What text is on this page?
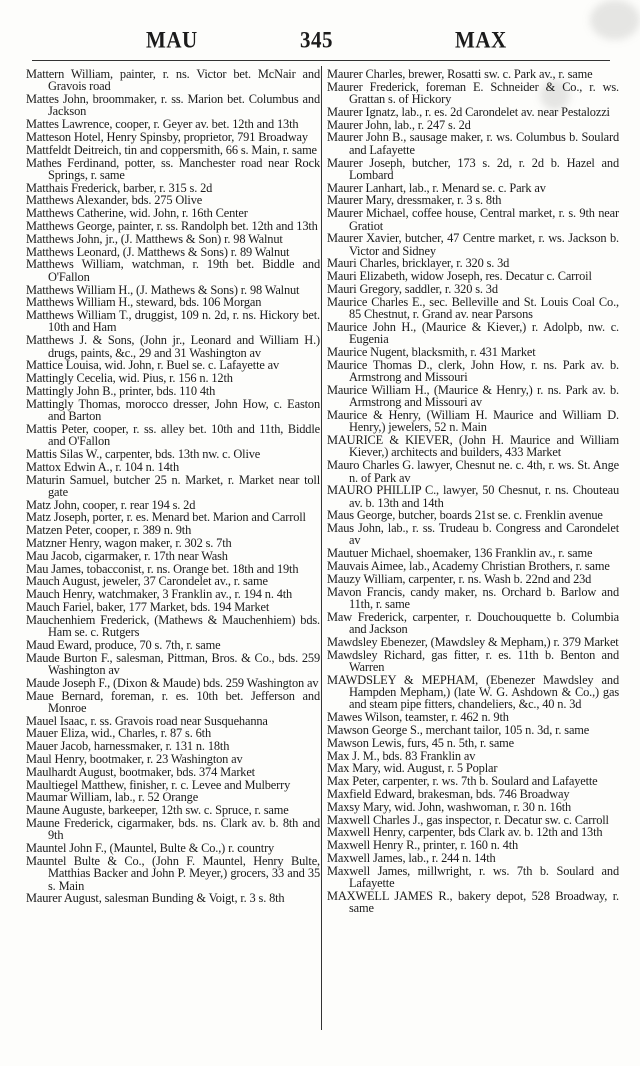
MAU	345	MAX

Mattern William, painter, r. ns. Victor bet. McNair and Gravois road

Mattes John, broommaker, r. ss. Marion bet. Columbus and Jackson

Mattes Lawrence, cooper, r. Geyer av. bet. 12th and 13th

Matteson Hotel, Henry Spinsby, proprietor, 791 Broadway

Mattfeldt Deitreich, tin and coppersmith, 66 s. Main, r. same

Mathes Ferdinand, potter, ss. Manchester road near Rock Springs, r. same

Matthais Frederick, barber, r. 315 s. 2d

Matthews Alexander, bds. 275 Olive

Matthews Catherine, wid. John, r. 16th Center

Matthews George, painter, r. ss. Randolph bet. 12th and 13th

Matthews John, jr., (J. Matthews & Son) r. 98 Walnut

Matthews Leonard, (J. Matthews & Sons) r. 89 Walnut

Matthews William, watchman, r. 19th bet. Biddle and O'Fallon

Matthews William H., (J. Mathews & Sons) r. 98 Walnut

Matthews William H., steward, bds. 106 Morgan

Matthews William T., druggist, 109 n. 2d, r. ns. Hickory bet. 10th and Ham

Matthews J. & Sons, (John jr., Leonard and William H.) drugs, paints, &c., 29 and 31 Washington av

Mattice Louisa, wid. John, r. Buel se. c. Lafayette av

Mattingly Cecelia, wid. Pius, r. 156 n. 12th

Mattingly John B., printer, bds. 110 4th

Mattingly Thomas, morocco dresser, John How, c. Easton and Barton

Mattis Peter, cooper, r. ss. alley bet. 10th and 11th, Biddle and O'Fallon

Mattis Silas W., carpenter, bds. 13th nw. c. Olive

Mattox Edwin A., r. 104 n. 14th

Maturin Samuel, butcher 25 n. Market, r. Market near toll gate

Matz John, cooper, r. rear 194 s. 2d

Matz Joseph, porter, r. es. Menard bet. Marion and Carroll

Matzen Peter, cooper, r. 389 n. 9th

Matzner Henry, wagon maker, r. 302 s. 7th

Mau Jacob, cigarmaker, r. 17th near Wash

Mau James, tobacconist, r. ns. Orange bet. 18th and 19th

Mauch August, jeweler, 37 Carondelet av., r. same

Mauch Henry, watchmaker, 3 Franklin av., r. 194 n. 4th

Mauch Fariel, baker, 177 Market, bds. 194 Market

Mauchenhiem Frederick, (Mathews & Mauchenhiem) bds. Ham se. c. Rutgers

Maud Eward, produce, 70 s. 7th, r. same

Maude Burton F., salesman, Pittman, Bros. & Co., bds. 259 Washington av

Maude Joseph F., (Dixon & Maude) bds. 259 Washington av

Maue Bernard, foreman, r. es. 10th bet. Jefferson and Monroe

Mauel Isaac, r. ss. Gravois road near Susquehanna

Mauer Eliza, wid., Charles, r. 87 s. 6th

Mauer Jacob, harnessmaker, r. 131 n. 18th

Maul Henry, bootmaker, r. 23 Washington av

Maulhardt August, bootmaker, bds. 374 Market

Maultiegel Matthew, finisher, r. c. Levee and Mulberry

Maumar William, lab., r. 52 Orange

Maune Auguste, barkeeper, 12th sw. c. Spruce, r. same

Maune Frederick, cigarmaker, bds. ns. Clark av. b. 8th and 9th

Mauntel John F., (Mauntel, Bulte & Co.,) r. country

Mauntel Bulte & Co., (John F. Mauntel, Henry Bulte, Matthias Backer and John P. Meyer,) grocers, 33 and 35 s. Main

Maurer August, salesman Bunding & Voigt, r. 3 s. 8th

Maurer Charles, brewer, Rosatti sw. c. Park av., r. same

Maurer Frederick, foreman E. Schneider & Co., r. ws. Grattan s. of Hickory

Maurer Ignatz, lab., r. es. 2d Carondelet av. near Pestalozzi

Maurer John, lab., r. 247 s. 2d

Maurer John B., sausage maker, r. ws. Columbus b. Soulard and Lafayette

Maurer Joseph, butcher, 173 s. 2d, r. 2d b. Hazel and Lombard

Maurer Lanhart, lab., r. Menard se. c. Park av

Maurer Mary, dressmaker, r. 3 s. 8th

Maurer Michael, coffee house, Central market, r. s. 9th near Gratiot

Maurer Xavier, butcher, 47 Centre market, r. ws. Jackson b. Victor and Sidney

Mauri Charles, bricklayer, r. 320 s. 3d

Mauri Elizabeth, widow Joseph, res. Decatur c. Carroil

Mauri Gregory, saddler, r. 320 s. 3d

Maurice Charles E., sec. Belleville and St. Louis Coal Co., 85 Chestnut, r. Grand av. near Parsons

Maurice John H., (Maurice & Kiever,) r. Adolpb, nw. c. Eugenia

Maurice Nugent, blacksmith, r. 431 Market

Maurice Thomas D., clerk, John How, r. ns. Park av. b. Armstrong and Missouri

Maurice William H., (Maurice & Henry,) r. ns. Park av. b. Armstrong and Missouri av

Maurice & Henry, (William H. Maurice and William D. Henry,) jewelers, 52 n. Main

MAURICE & KIEVER, (John H. Maurice and William Kiever,) architects and builders, 433 Market

Mauro Charles G. lawyer, Chesnut ne. c. 4th, r. ws. St. Ange n. of Park av

MAURO PHILLIP C., lawyer, 50 Chesnut, r. ns. Chouteau av. b. 13th and 14th

Maus George, butcher, boards 21st se. c. Frenklin avenue

Maus John, lab., r. ss. Trudeau b. Congress and Carondelet av

Mautuer Michael, shoemaker, 136 Franklin av., r. same

Mauvais Aimee, lab., Academy Christian Brothers, r. same

Mauzy William, carpenter, r. ns. Wash b. 22nd and 23d

Mavon Francis, candy maker, ns. Orchard b. Barlow and 11th, r. same

Maw Frederick, carpenter, r. Douchouquette b. Columbia and Jackson

Mawdsley Ebenezer, (Mawdsley & Mepham,) r. 379 Market

Mawdsley Richard, gas fitter, r. es. 11th b. Benton and Warren

MAWDSLEY & MEPHAM, (Ebenezer Mawdsley and Hampden Mepham,) (late W. G. Ashdown & Co.,) gas and steam pipe fitters, chandeliers, &c., 40 n. 3d

Mawes Wilson, teamster, r. 462 n. 9th

Mawson George S., merchant tailor, 105 n. 3d, r. same

Mawson Lewis, furs, 45 n. 5th, r. same

Max J. M., bds. 83 Franklin av

Max Mary, wid. August, r. 5 Poplar

Max Peter, carpenter, r. ws. 7th b. Soulard and Lafayette

Maxfield Edward, brakesman, bds. 746 Broadway

Maxsy Mary, wid. John, washwoman, r. 30 n. 16th

Maxwell Charles J., gas inspector, r. Decatur sw. c. Carroll

Maxwell Henry, carpenter, bds Clark av. b. 12th and 13th

Maxwell Henry R., printer, r. 160 n. 4th

Maxwell James, lab., r. 244 n. 14th

Maxwell James, millwright, r. ws. 7th b. Soulard and Lafayette

MAXWELL JAMES R., bakery depot, 528 Broadway, r. same
